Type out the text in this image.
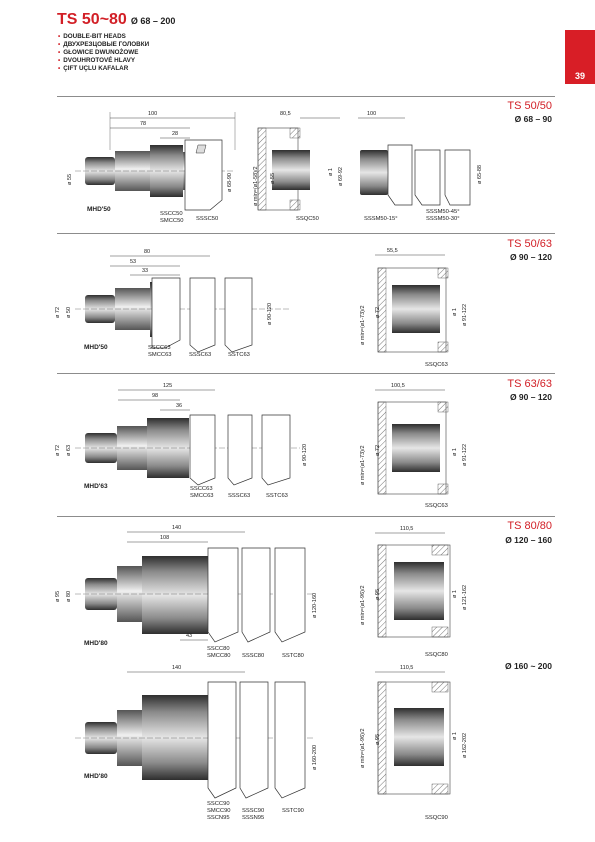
TS 50~80 Ø 68 – 200
• DOUBLE-BIT HEADS
• ДВУХРЕЗЦОВЫЕ ГОЛОВКИ
• GŁOWICE DWUNOŻOWE
• DVOUHROTOVÉ HLAVY
• ÇIFT UÇLU KAFALAR
39
TS 50/50
Ø 68 – 90
MHD'50
100
78
28
ø 55	ø 68-90
SSCC50
SMCC50 SSSC50
80,5
ø min=(ø1-58)/2 ø 55
ø 1 ø 69-92
SSQC50
100
ø 65-88
SSSM50-15°
SSSM50-45°
SSSM50-30°
TS 50/63
Ø 90 – 120
MHD'50
80
53
33
ø 72 ø 50	ø 90-120
SSCC63
SMCC63	SSSC63	SSTC63
55,5
ø min=(ø1-73)/2 ø 72	ø 1 ø 91-122
SSQC63
TS 63/63
Ø 90 – 120
MHD'63
125
98
36
ø 72 ø 63	ø 90-120
SSCC63
SMCC63 SSSC63	SSTC63
100,5
ø min=(ø1-73)/2 ø 72	ø 1 ø 91-122
SSQC63
TS 80/80
Ø 120 – 160
MHD'80
140
108
43
ø 95 ø 80	ø 120-160
SSCC80
SMCC80 SSSC80	SSTC80
110,5
ø min=(ø1-96)/2 ø 95	ø 1 ø 121-162
SSQC80
Ø 160 ~ 200
MHD'80
140
ø 160-200
SSCC90
SMCC90
SSCN95
SSSC90
SSSN95
SSTC90
110,5
ø min=(ø1-96)/2 ø 95	ø 1 ø 162-202
SSQC90
